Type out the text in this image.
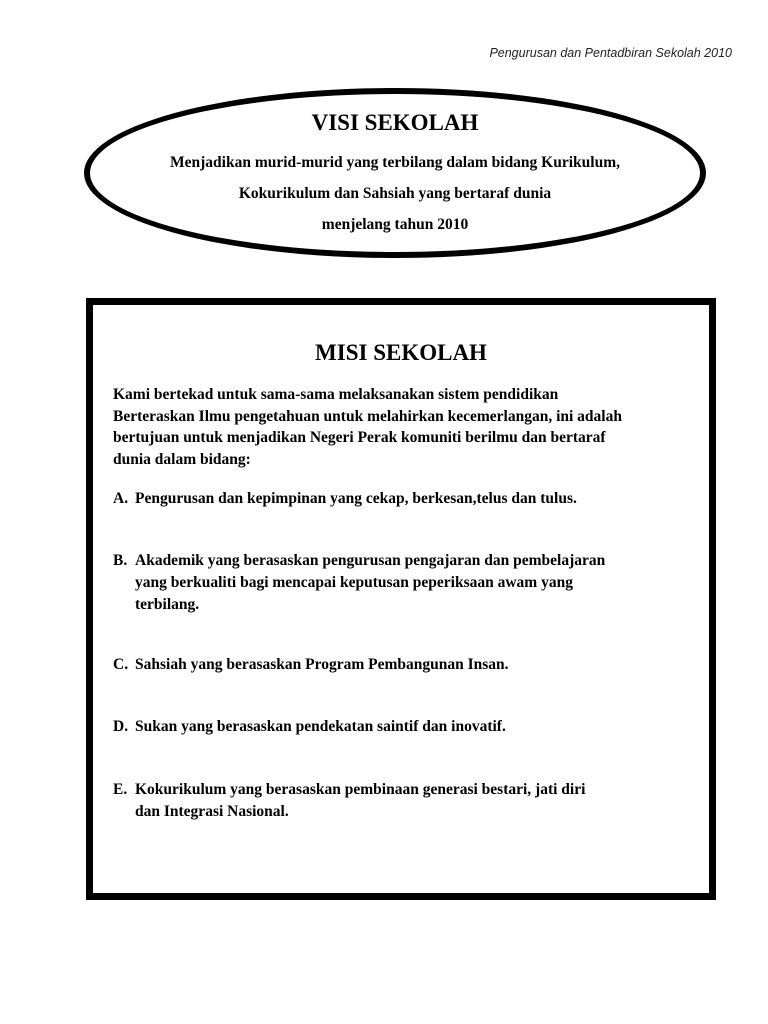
Pengurusan dan Pentadbiran Sekolah 2010
VISI SEKOLAH
Menjadikan murid-murid yang terbilang dalam bidang Kurikulum,
Kokurikulum dan Sahsiah yang bertaraf dunia
menjelang tahun 2010
MISI SEKOLAH
Kami bertekad untuk sama-sama melaksanakan sistem pendidikan
Berteraskan Ilmu pengetahuan untuk melahirkan kecemerlangan, ini adalah
bertujuan untuk menjadikan Negeri Perak komuniti berilmu dan bertaraf
dunia dalam bidang:
A. Pengurusan dan kepimpinan yang cekap, berkesan,telus dan tulus.
B. Akademik yang berasaskan pengurusan pengajaran dan pembelajaran
yang berkualiti bagi mencapai keputusan peperiksaan awam yang
terbilang.
C. Sahsiah yang berasaskan Program Pembangunan Insan.
D. Sukan yang berasaskan pendekatan saintif dan inovatif.
E. Kokurikulum yang berasaskan pembinaan generasi bestari, jati diri
dan Integrasi Nasional.
